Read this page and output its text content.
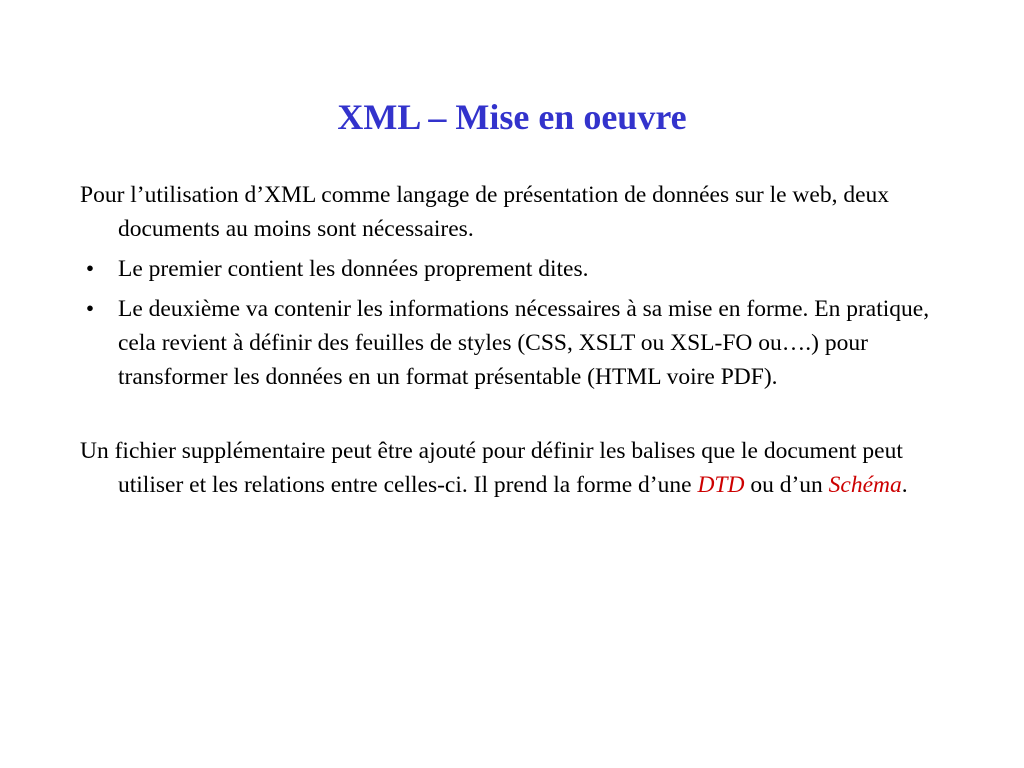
XML – Mise en oeuvre

Pour l’utilisation d’XML comme langage de présentation de données sur le web, deux documents au moins sont nécessaires.

• Le premier contient les données proprement dites.
• Le deuxième va contenir les informations nécessaires à sa mise en forme. En pratique, cela revient à définir des feuilles de styles (CSS, XSLT ou XSL-FO ou….) pour transformer les données en un format présentable (HTML voire PDF).

Un fichier supplémentaire peut être ajouté pour définir les balises que le document peut utiliser et les relations entre celles-ci. Il prend la forme d’une DTD ou d’un Schéma.
